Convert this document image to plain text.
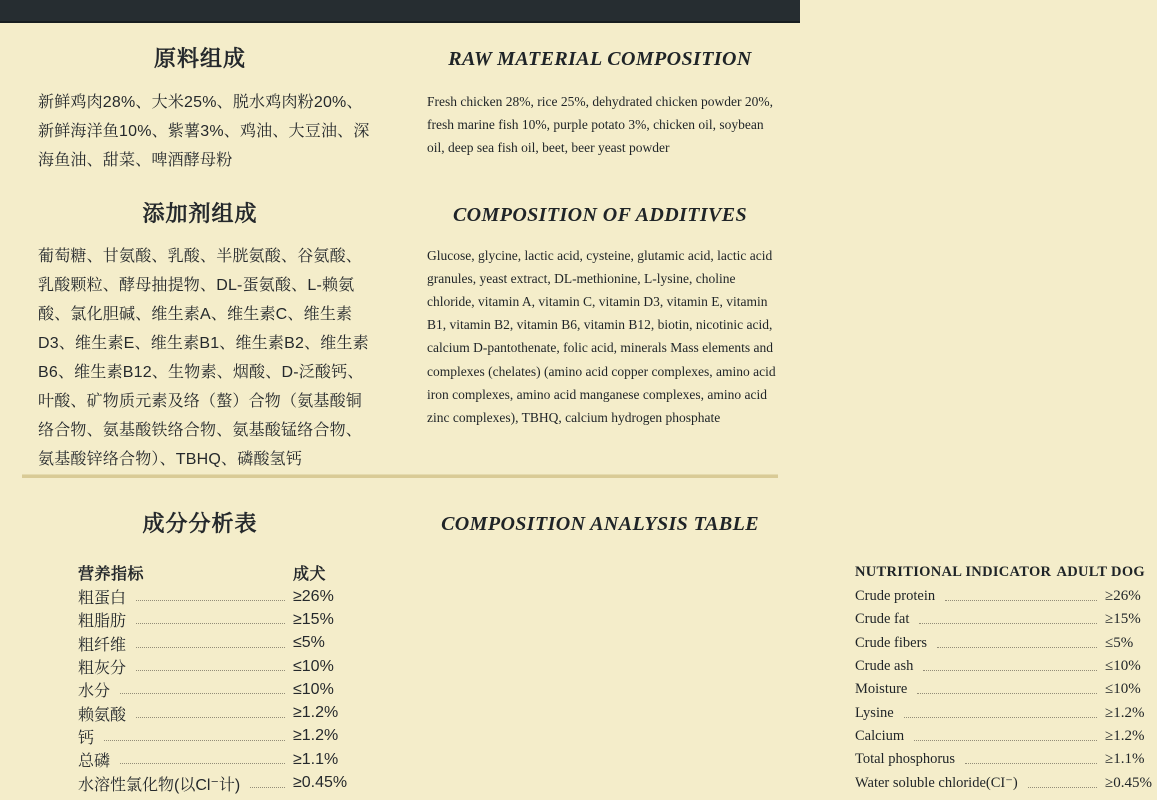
原料组成

新鲜鸡肉28%、大米25%、脱水鸡肉粉20%、新鲜海洋鱼10%、紫薯3%、鸡油、大豆油、深海鱼油、甜菜、啤酒酵母粉

添加剂组成

葡萄糖、甘氨酸、乳酸、半胱氨酸、谷氨酸、乳酸颗粒、酵母抽提物、DL-蛋氨酸、L-赖氨酸、氯化胆碱、维生素A、维生素C、维生素D3、维生素E、维生素B1、维生素B2、维生素B6、维生素B12、生物素、烟酸、D-泛酸钙、叶酸、矿物质元素及络（螯）合物（氨基酸铜络合物、氨基酸铁络合物、氨基酸锰络合物、氨基酸锌络合物）、TBHQ、磷酸氢钙

RAW MATERIAL COMPOSITION

Fresh chicken 28%, rice 25%, dehydrated chicken powder 20%, fresh marine fish 10%, purple potato 3%, chicken oil, soybean oil, deep sea fish oil, beet, beer yeast powder

COMPOSITION OF ADDITIVES

Glucose, glycine, lactic acid, cysteine, glutamic acid, lactic acid granules, yeast extract, DL-methionine, L-lysine, choline chloride, vitamin A, vitamin C, vitamin D3, vitamin E, vitamin B1, vitamin B2, vitamin B6, vitamin B12, biotin, nicotinic acid, calcium D-pantothenate, folic acid, minerals Mass elements and complexes (chelates) (amino acid copper complexes, amino acid iron complexes, amino acid manganese complexes, amino acid zinc complexes), TBHQ, calcium hydrogen phosphate

成分分析表
营养指标	成犬
粗蛋白	≥26%
粗脂肪	≥15%
粗纤维	≤5%
粗灰分	≤10%
水分	≤10%
赖氨酸	≥1.2%
钙	≥1.2%
总磷	≥1.1%
水溶性氯化物(以Cl⁻计)	≥0.45%
COMPOSITION ANALYSIS TABLE
NUTRITIONAL INDICATOR ADULT DOG
Crude protein	≥26%
Crude fat	≥15%
Crude fibers	≤5%
Crude ash	≤10%
Moisture	≤10%
Lysine	≥1.2%
Calcium	≥1.2%
Total phosphorus	≥1.1%
Water soluble chloride(CI⁻)	≥0.45%
